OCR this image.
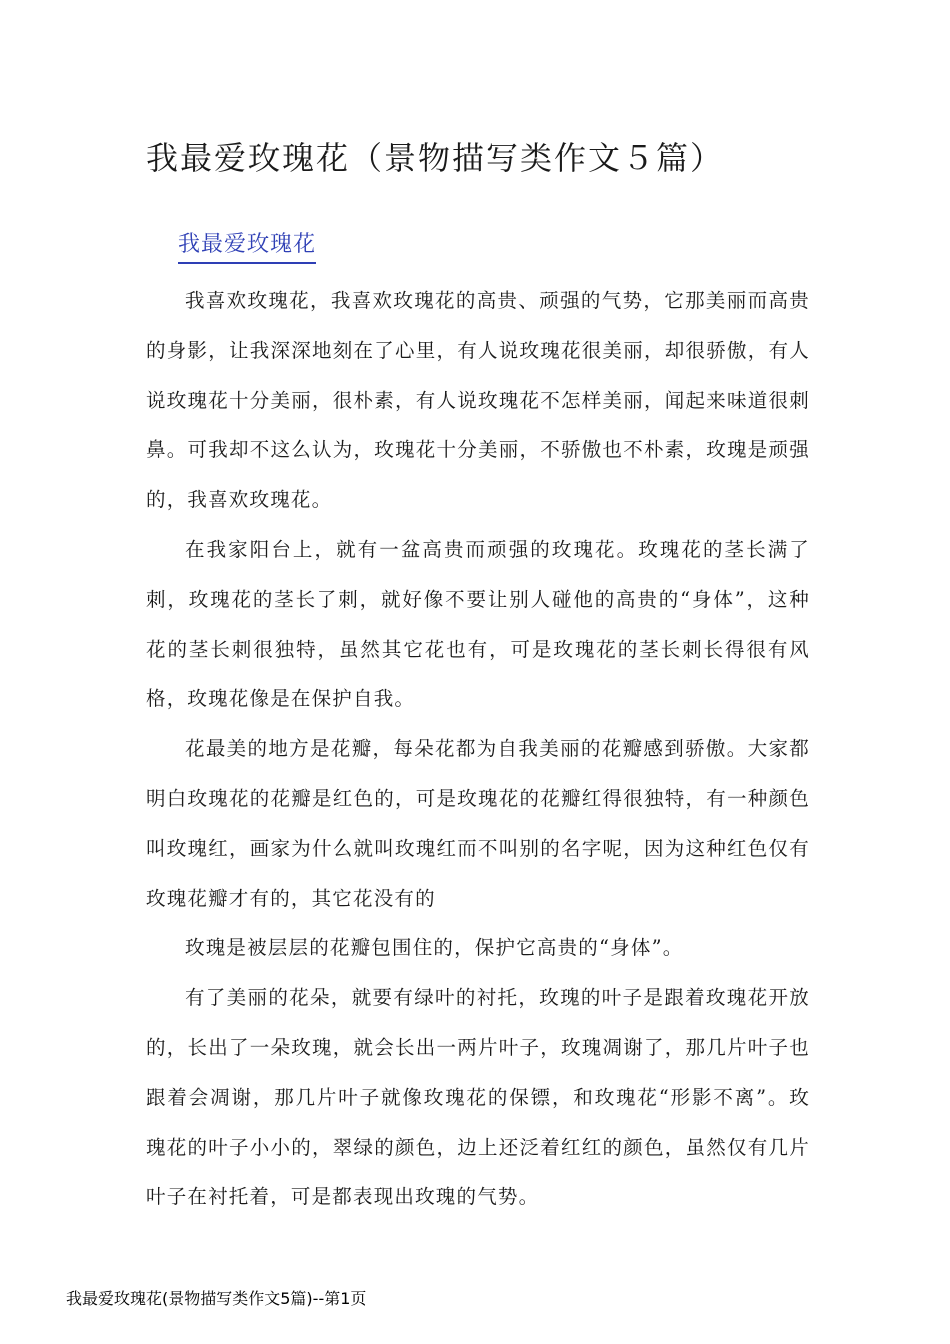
我最爱玫瑰花（景物描写类作文５篇）
我最爱玫瑰花

我喜欢玫瑰花，我喜欢玫瑰花的高贵、顽强的气势，它那美丽而高贵的身影，让我深深地刻在了心里，有人说玫瑰花很美丽，却很骄傲，有人说玫瑰花十分美丽，很朴素，有人说玫瑰花不怎样美丽，闻起来味道很刺鼻。可我却不这么认为，玫瑰花十分美丽，不骄傲也不朴素，玫瑰是顽强的，我喜欢玫瑰花。

在我家阳台上，就有一盆高贵而顽强的玫瑰花。玫瑰花的茎长满了刺，玫瑰花的茎长了刺，就好像不要让别人碰他的高贵的“身体”，这种花的茎长刺很独特，虽然其它花也有，可是玫瑰花的茎长刺长得很有风格，玫瑰花像是在保护自我。

花最美的地方是花瓣，每朵花都为自我美丽的花瓣感到骄傲。大家都明白玫瑰花的花瓣是红色的，可是玫瑰花的花瓣红得很独特，有一种颜色叫玫瑰红，画家为什么就叫玫瑰红而不叫别的名字呢，因为这种红色仅有玫瑰花瓣才有的，其它花没有的

玫瑰是被层层的花瓣包围住的，保护它高贵的“身体”。

有了美丽的花朵，就要有绿叶的衬托，玫瑰的叶子是跟着玫瑰花开放的，长出了一朵玫瑰，就会长出一两片叶子，玫瑰凋谢了，那几片叶子也跟着会凋谢，那几片叶子就像玫瑰花的保镖，和玫瑰花“形影不离”。玫瑰花的叶子小小的，翠绿的颜色，边上还泛着红红的颜色，虽然仅有几片叶子在衬托着，可是都表现出玫瑰的气势。

我最爱玫瑰花(景物描写类作文5篇)--第1页
